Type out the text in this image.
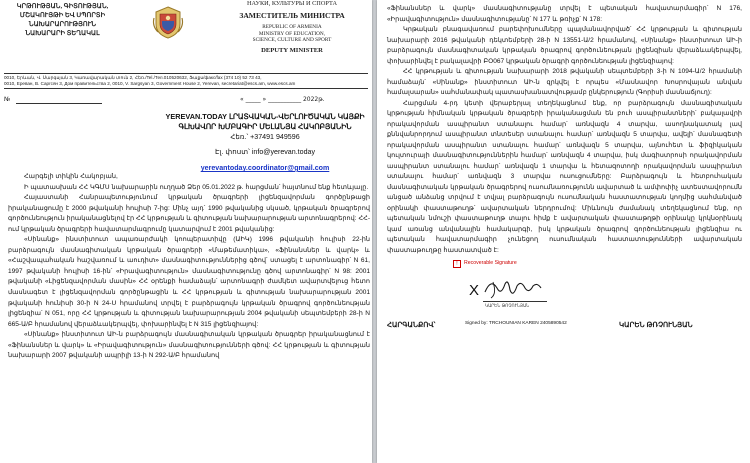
ԿՐԹՈՒԹՅԱՆ, ԳԻՏՈՒԹՅԱՆ,
ՄՇԱԿՈՒՅԹԻ ԵՎ ՍՊՈՐՏԻ
ՆԱԽԱՐԱՐՈՒԹՅՈՒՆ
ՆԱԽԱՐԱՐԻ ՏԵՂԱԿԱԼ
НАУКИ, КУЛЬТУРЫ И СПОРТА
ЗАМЕСТИТЕЛЬ МИНИСТРА
REPUBLIC OF ARMENIA
MINISTRY OF EDUCATION,
SCIENCE, CULTURE AND SPORT
DEPUTY MINISTER
0010, Երևան, Վ. Սարգսյան 3, Կառավարական տուն 2, Հեռ./Tel./Тел.010520632, Ֆաքս/факс/fax (374 10) 52 73 43,
0010, Ереван, В. Саргсян 3, Дом правительства 2, 0010, V. Sargsyan 3, Government House 2, Yerevan, secretariat@escs.am, www.escs.am
№	« _____ » ___________ 2022թ.
YEREVAN.TODAY ԼՐԱՏՎԱԿԱՆ-ՎԵՐԼՈՒԾԱԿԱՆ ԿԱՅՔԻ
ԳԼԽԱՎՈՐ ԽՄԲԱԳԻՐ ՄԵԼԱՆՅԱ ՀԱԿՈԲՅԱՆԻՆ
Հեռ.՝ +37491 949596
Էլ. փոստ՝ info@yerevan.today
yerevantoday.coordinator@gmail.com

Հարգելի տիկին Հակոբյան,

Ի պատասխան ՀՀ ԿԳՄՍ նախարարին ուղղած Ձեր 05.01.2022 թ. հարցման՝ հայտնում ենք հետևյալը.

Հայաստանի Հանրապետությունում կրթական ծրագրերի լիցենզավորման գործընթացի իրականացումը է 2000 թվականի հուլիսի 7-ից: Մինչ այդ՝ 1990 թվականից սկսած, կրթական ծրագրերով գործունեություն իրականացնելով էր ՀՀ կրթության և գիտության նախարարության արտոնագրերով: ՀՀ-ում կրթական ծրագրերի հավատարմագրումը կատարվում է 2001 թվականից:

«Սինանք» ինստիտուտ ապառարժակի կոոպերատիվը (ԱԻԿ) 1996 թվականի հուլիսի 22-ին բարձրագույն մասնագիտական կրթական ծրագրերի «Մաթեմատիկա», «Ֆինանսներ և վարկ» և «Հաշվապահական հաշվառում և աուդիտ» մասնագիտություններից գծով՝ ստացել է արտոնագիր՝ N 61, 1997 թվականի հուլիսի 16-ին՝ «Իրավագիտություն» մասնագիտությունը գծով արտոնագիր՝ N 98: 2001 թվականի «Լիցենզավորման մասին» ՀՀ օրենքի համաձայն՝ արտոնագրի ժամկետ ավարտվելուց հետո մասնագետ է լիցենզավորման գործընթացին և ՀՀ կրթության և գիտության նախարարության 2001 թվականի հունիսի 30-ի N 24-Ս հրամանով տրվել է բարձրագույն կրթական ծրագրով գործունեության լիցենզիա՝ N 051, որը ՀՀ կրթության և գիտության նախարարության 2004 թվականի սեպտեմբերի 28-ի N 665-Ա/Բ հրամանով վերաձևակերպվել, փոխարինվել է N 315 լիցենզիայով:

«Սինանք» ինստիտուտ ԱԻ-ն բարձրագույն մասնագիտական կրթական ծրագրեր իրականացնում է «Ֆինանսներ և վարկ» և «Իրավագիտություն» մասնագիտությունների գծով: ՀՀ կրթության և գիտության նախարարի 2007 թվականի ապրիլի 13-ի N 292-Ա/Բ հրամանով

«Ֆինանսներ և վարկ» մասնագիտությանը տրվել է պետական հավատարմագիր՝ N 176, «Իրավագիտություն» մասնագիտությանը՝ N 177 և թռիչք՝ N 178:

Կրթական բնագավառում բարեփոխումները պայմանավորված՝ ՀՀ կրթության և գիտության նախարարի 2016 թվականի դեկտեմբերի 28-ի N 13551-Ա/2 հրամանով, «Սինանք» ինստիտուտ ԱԻ-ի բարձրագույն մասնագիտական կրթական ծրագրով գործունեության լիցենզիան վերաձևակերպվել, փոխարինվել է բակալավրի ԲՕ067 կրթական ծրագրի գործունեության լիցենզիայով:

ՀՀ կրթության և գիտության նախարարի 2018 թվականի սեպտեմբերի 3-ի N 1094-Ա/2 հրամանի համաձայն՝ «Սինանք» ինստիտուտ ԱԻ-ն զրկվել է որպես «Մասնավոր Խոսրովայան անվան համալսարան» սահմանափակ պատասխանատվությամբ ընկերություն (Գորիսի մասնաճյուղ):

Հարցման 4-րդ կետի վերաբերյալ տեղեկացնում ենք, որ բարձրագույն մասնագիտական կրթության հիմնական կրթական ծրագրերի իրականացման են բուհ ասպիրանտների՝ բակալավրի որակավորման ասպիրանտ ստանալու համար՝ առնվազն 4 տարվա, ասողնակատակ լավ քննվանրորդում ասպիրանտ տնտեսեր ստանալու համար՝ առնվազն 5 տարվա, ավելի՝ մասնագետի որակավորման ասպիրանտ ստանալու համար՝ առնվազն 5 տարվա, այնուհետ և ֆիզիկական կուլտուրայի մասնագիտություններին համար՝ առնվազն 4 տարվա, իսկ մագիստրոսի որակավորման ասպիրանտ ստանալու համար՝ առնվազն 1 տարվա և հետազոտողի որակավորման ասպիրանտ ստանալու համար՝ առնվազն 3 տարվա ուսուցումները: Բարձրագույն և հետբուհական մասնագիտական կրթական ծրագրերով ուսումնառությունն ավարտած և ամփոփիչ ատեստավորումն անցած անձանց տրվում է տվյալ բարձրագույն ուսումնական հաստատության կողմից սահմանված օրինակի փաստաթուղթ՝ ավարտական ներդրումով: Միևնույն ժամանակ տեղեկացնում ենք, որ պետական նմուշի փաստաթուղթ տալու հիմք է ավարտական փաստաթղթի օրինակը կրկնօրինակ կամ առանց անվանային համակարգի, իսկ կրթական ծրագրով գործունեության լիցենզիա ու պետական հավատարմագիր չունեցող ուսումնական հաստատությունների ավարտական փաստաթուղթը հաստատված է:

! Recoverable Signature
X
ԿԱՐԵՆ ԹՌՉՈՒՆՅԱՆ
ՀԱՐԳԱՆՔՈՎ՝	Signed by: TRCHOUNIAN KAREN 2405890542	ԿԱՐԵՆ ԹՌՉՈՒՆՅԱՆ
